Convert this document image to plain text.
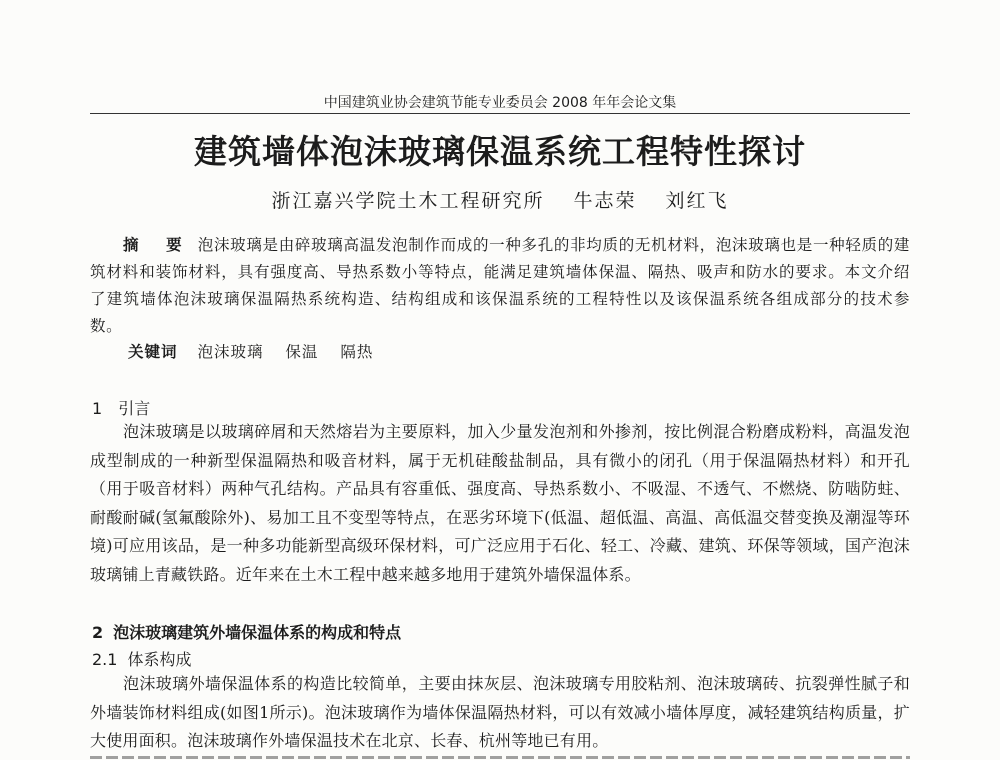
中国建筑业协会建筑节能专业委员会 2008 年年会论文集
建筑墙体泡沫玻璃保温系统工程特性探讨
浙江嘉兴学院土木工程研究所　 牛志荣　 刘红飞
摘　要 泡沫玻璃是由碎玻璃高温发泡制作而成的一种多孔的非均质的无机材料，泡沫玻璃也是一种轻质的建筑材料和装饰材料，具有强度高、导热系数小等特点，能满足建筑墙体保温、隔热、吸声和防水的要求。本文介绍了建筑墙体泡沫玻璃保温隔热系统构造、结构组成和该保温系统的工程特性以及该保温系统各组成部分的技术参数。
关键词 泡沫玻璃 保温 隔热
1 引言
泡沫玻璃是以玻璃碎屑和天然熔岩为主要原料，加入少量发泡剂和外掺剂，按比例混合粉磨成粉料，高温发泡成型制成的一种新型保温隔热和吸音材料，属于无机硅酸盐制品，具有微小的闭孔（用于保温隔热材料）和开孔（用于吸音材料）两种气孔结构。产品具有容重低、强度高、导热系数小、不吸湿、不透气、不燃烧、防啮防蛀、耐酸耐碱(氢氟酸除外)、易加工且不变型等特点，在恶劣环境下(低温、超低温、高温、高低温交替变换及潮湿等环境)可应用该品，是一种多功能新型高级环保材料，可广泛应用于石化、轻工、冷藏、建筑、环保等领域，国产泡沫玻璃铺上青藏铁路。近年来在土木工程中越来越多地用于建筑外墙保温体系。
2 泡沫玻璃建筑外墙保温体系的构成和特点
2.1 体系构成
泡沫玻璃外墙保温体系的构造比较简单，主要由抹灰层、泡沫玻璃专用胶粘剂、泡沫玻璃砖、抗裂弹性腻子和外墙装饰材料组成(如图1所示)。泡沫玻璃作为墙体保温隔热材料，可以有效减小墙体厚度，减轻建筑结构质量，扩大使用面积。泡沫玻璃作外墙保温技术在北京、长春、杭州等地已有用。
